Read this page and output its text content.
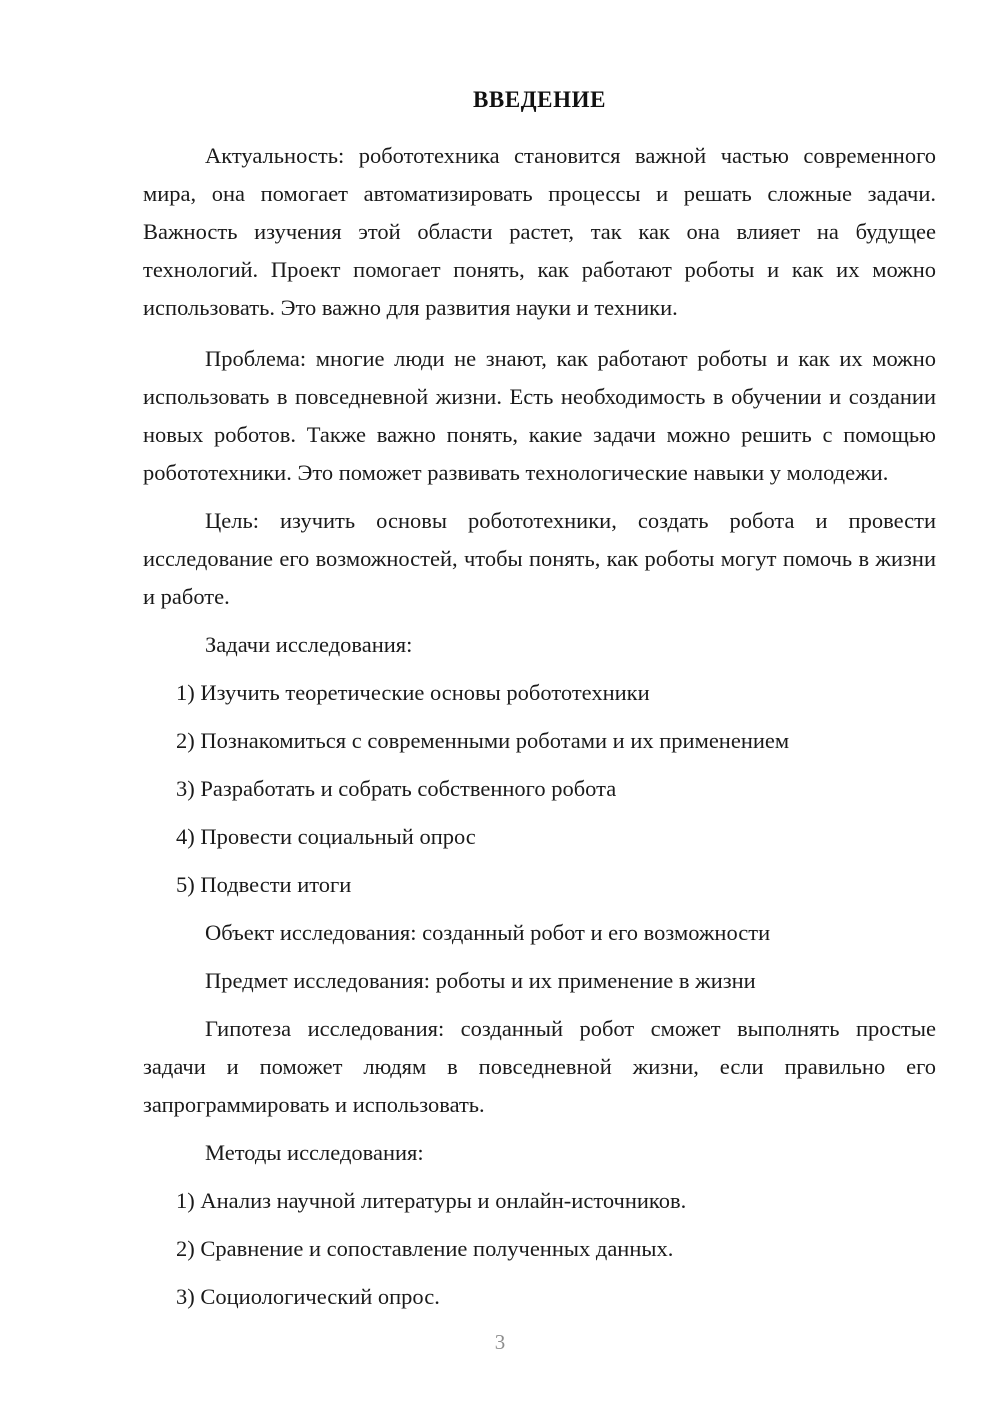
ВВЕДЕНИЕ

Актуальность: робототехника становится важной частью современного мира, она помогает автоматизировать процессы и решать сложные задачи. Важность изучения этой области растет, так как она влияет на будущее технологий. Проект помогает понять, как работают роботы и как их можно использовать. Это важно для развития науки и техники.

Проблема: многие люди не знают, как работают роботы и как их можно использовать в повседневной жизни. Есть необходимость в обучении и создании новых роботов. Также важно понять, какие задачи можно решить с помощью робототехники. Это поможет развивать технологические навыки у молодежи.

Цель: изучить основы робототехники, создать робота и провести исследование его возможностей, чтобы понять, как роботы могут помочь в жизни и работе.

Задачи исследования:

1) Изучить теоретические основы робототехники

2) Познакомиться с современными роботами и их применением

3) Разработать и собрать собственного робота

4) Провести социальный опрос

5) Подвести итоги

Объект исследования: созданный робот и его возможности

Предмет исследования: роботы и их применение в жизни

Гипотеза исследования: созданный робот сможет выполнять простые задачи и поможет людям в повседневной жизни, если правильно его запрограммировать и использовать.

Методы исследования:

1) Анализ научной литературы и онлайн-источников.

2) Сравнение и сопоставление полученных данных.

3) Социологический опрос.

3
